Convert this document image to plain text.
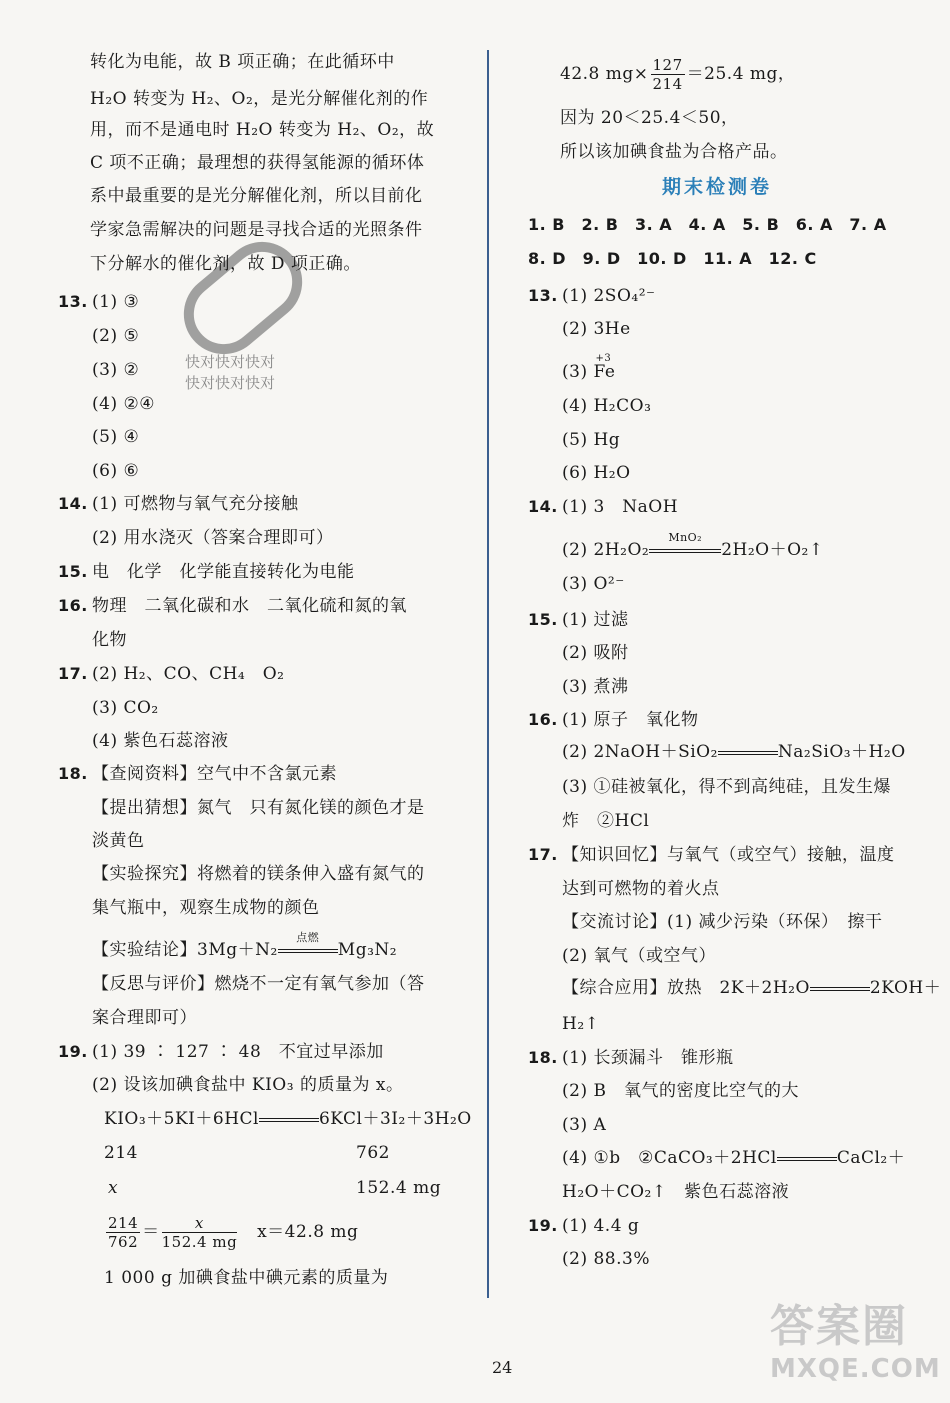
快对快对快对
快对快对快对
转化为电能，故 B 项正确；在此循环中
H₂O 转变为 H₂、O₂，是光分解催化剂的作
用，而不是通电时 H₂O 转变为 H₂、O₂，故
C 项不正确；最理想的获得氢能源的循环体
系中最重要的是光分解催化剂，所以目前化
学家急需解决的问题是寻找合适的光照条件
下分解水的催化剂，故 D 项正确。
13. (1) ③
(2) ⑤
(3) ②
(4) ②④
(5) ④
(6) ⑥
14. (1) 可燃物与氧气充分接触
(2) 用水浇灭（答案合理即可）
15. 电　化学　化学能直接转化为电能
16. 物理　二氧化碳和水　二氧化硫和氮的氧
化物
17. (2) H₂、CO、CH₄　O₂
(3) CO₂
(4) 紫色石蕊溶液
18. 【查阅资料】空气中不含氯元素
【提出猜想】氮气　只有氮化镁的颜色才是
淡黄色
【实验探究】将燃着的镁条伸入盛有氮气的
集气瓶中，观察生成物的颜色
【实验结论】3Mg＋N₂
点燃
Mg₃N₂
【反思与评价】燃烧不一定有氧气参加（答
案合理即可）
19. (1) 39 ∶ 127 ∶ 48　不宜过早添加
(2) 设该加碘食盐中 KIO₃ 的质量为 x。
KIO₃＋5KI＋6HCl	6KCl＋3I₂＋3H₂O
214	762
x	152.4 mg
$\frac{214}{762} = \frac{x}{152.4 mg} x=42.8$ mg
1 000 g 加碘食盐中碘元素的质量为
42.8 $mg\times \frac{127}{214} =25.4$ mg，
因为 20＜25.4＜50，
所以该加碘食盐为合格产品。
期末检测卷
1. B　2. B　3. A　4. A　5. B　6. A　7. A
8. D　9. D　10. D　11. A　12. C
13. (1) 2SO₄²⁻
(2) 3He
(3)
+3
Fe
(4) H₂CO₃
(5) Hg
(6) H₂O
14. (1) 3　NaOH
(2) 2H₂O₂
MnO₂
2H₂O＋O₂↑
(3) O²⁻
15. (1) 过滤
(2) 吸附
(3) 煮沸
16. (1) 原子　氧化物
(2) 2NaOH＋SiO₂	Na₂SiO₃＋H₂O
(3) ①硅被氧化，得不到高纯硅，且发生爆
炸　②HCl
17. 【知识回忆】与氧气（或空气）接触，温度
达到可燃物的着火点
【交流讨论】(1) 减少污染（环保）　擦干
(2) 氧气（或空气）
【综合应用】放热　2K＋2H₂O	2KOH＋
H₂↑
18. (1) 长颈漏斗　锥形瓶
(2) B　氧气的密度比空气的大
(3) A
(4) ①b　②CaCO₃＋2HCl	CaCl₂＋
H₂O＋CO₂↑　紫色石蕊溶液
19. (1) 4.4 g
(2) 88.3%
24
答案圈
MXQE.COM
